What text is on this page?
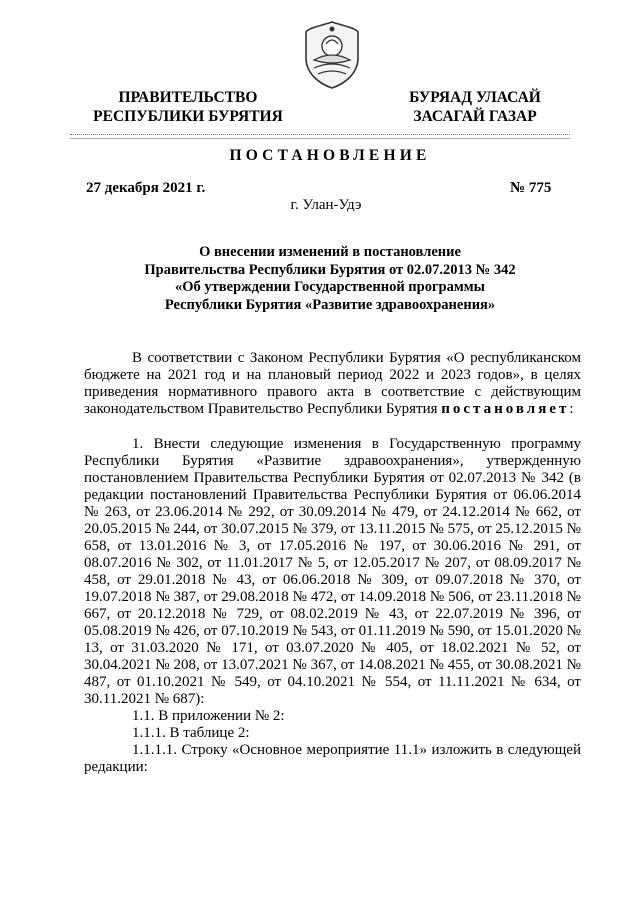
ПРАВИТЕЛЬСТВО
РЕСПУБЛИКИ БУРЯТИЯ
БУРЯАД УЛАСАЙ
ЗАСАГАЙ ГАЗАР
ПОСТАНОВЛЕНИЕ
27 декабря 2021 г.	№ 775
г. Улан-Удэ
О внесении изменений в постановление
Правительства Республики Бурятия от 02.07.2013 № 342
«Об утверждении Государственной программы
Республики Бурятия «Развитие здравоохранения»

В соответствии с Законом Республики Бурятия «О республиканском бюджете на 2021 год и на плановый период 2022 и 2023 годов», в целях приведения нормативного правого акта в соответствие с действующим законодательством Правительство Республики Бурятия постановляет:

1. Внести следующие изменения в Государственную программу Республики Бурятия «Развитие здравоохранения», утвержденную постановлением Правительства Республики Бурятия от 02.07.2013 № 342 (в редакции постановлений Правительства Республики Бурятия от 06.06.2014 № 263, от 23.06.2014 № 292, от 30.09.2014 № 479, от 24.12.2014 № 662, от 20.05.2015 № 244, от 30.07.2015 № 379, от 13.11.2015 № 575, от 25.12.2015 № 658, от 13.01.2016 № 3, от 17.05.2016 № 197, от 30.06.2016 № 291, от 08.07.2016 № 302, от 11.01.2017 № 5, от 12.05.2017 № 207, от 08.09.2017 № 458, от 29.01.2018 № 43, от 06.06.2018 № 309, от 09.07.2018 № 370, от 19.07.2018 № 387, от 29.08.2018 № 472, от 14.09.2018 № 506, от 23.11.2018 № 667, от 20.12.2018 № 729, от 08.02.2019 № 43, от 22.07.2019 № 396, от 05.08.2019 № 426, от 07.10.2019 № 543, от 01.11.2019 № 590, от 15.01.2020 № 13, от 31.03.2020 № 171, от 03.07.2020 № 405, от 18.02.2021 № 52, от 30.04.2021 № 208, от 13.07.2021 № 367, от 14.08.2021 № 455, от 30.08.2021 № 487, от 01.10.2021 № 549, от 04.10.2021 № 554, от 11.11.2021 № 634, от 30.11.2021 № 687):

1.1. В приложении № 2:

1.1.1. В таблице 2:

1.1.1.1. Строку «Основное мероприятие 11.1» изложить в следующей редакции:
